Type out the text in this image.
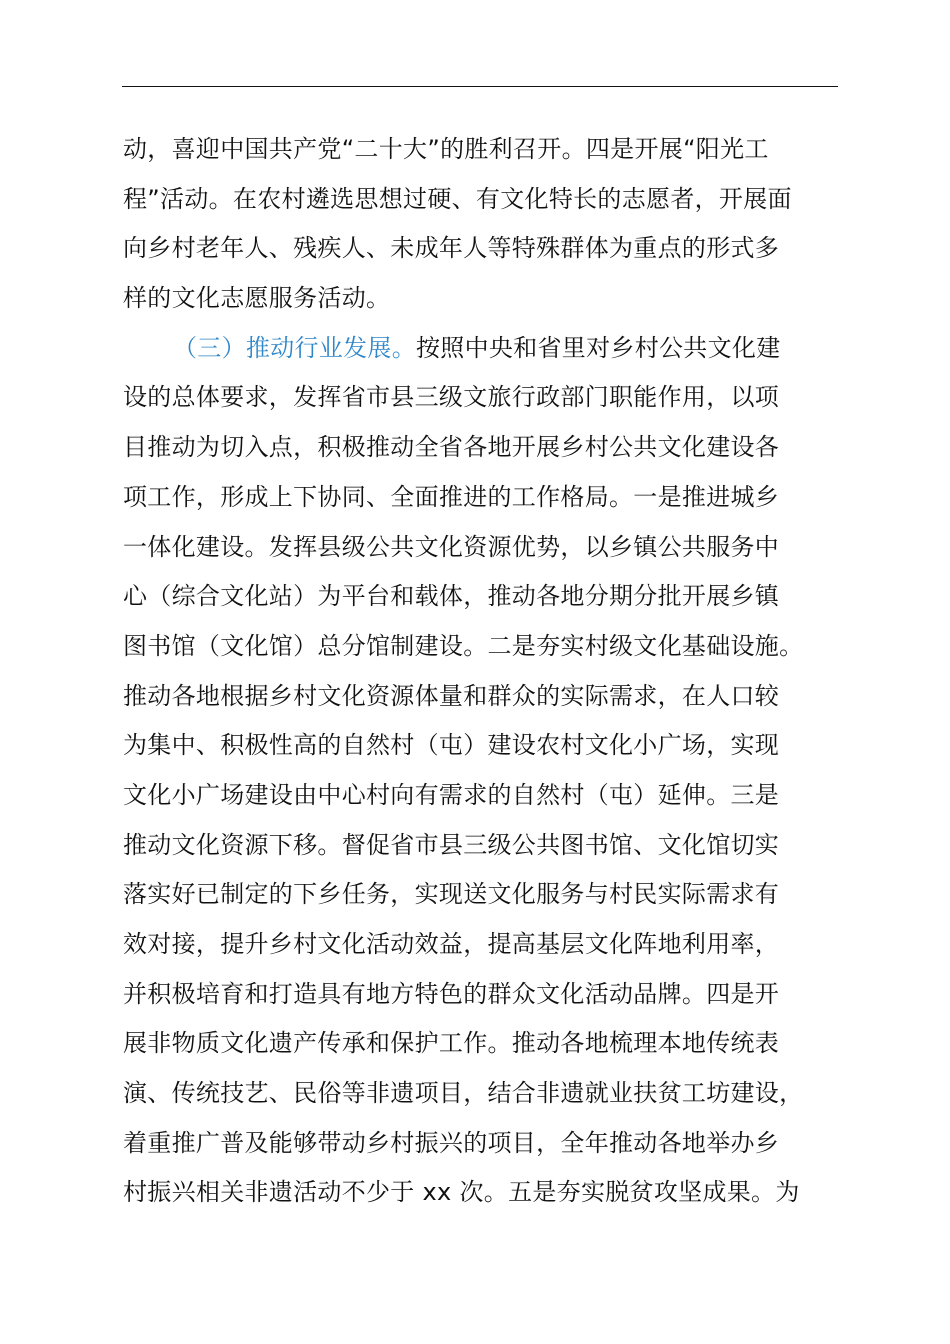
动，喜迎中国共产党“二十大”的胜利召开。四是开展“阳光工
程”活动。在农村遴选思想过硬、有文化特长的志愿者，开展面
向乡村老年人、残疾人、未成年人等特殊群体为重点的形式多
样的文化志愿服务活动。
（三）推动行业发展。按照中央和省里对乡村公共文化建
设的总体要求，发挥省市县三级文旅行政部门职能作用，以项
目推动为切入点，积极推动全省各地开展乡村公共文化建设各
项工作，形成上下协同、全面推进的工作格局。一是推进城乡
一体化建设。发挥县级公共文化资源优势，以乡镇公共服务中
心（综合文化站）为平台和载体，推动各地分期分批开展乡镇
图书馆（文化馆）总分馆制建设。二是夯实村级文化基础设施。
推动各地根据乡村文化资源体量和群众的实际需求，在人口较
为集中、积极性高的自然村（屯）建设农村文化小广场，实现
文化小广场建设由中心村向有需求的自然村（屯）延伸。三是
推动文化资源下移。督促省市县三级公共图书馆、文化馆切实
落实好已制定的下乡任务，实现送文化服务与村民实际需求有
效对接，提升乡村文化活动效益，提高基层文化阵地利用率，
并积极培育和打造具有地方特色的群众文化活动品牌。四是开
展非物质文化遗产传承和保护工作。推动各地梳理本地传统表
演、传统技艺、民俗等非遗项目，结合非遗就业扶贫工坊建设，
着重推广普及能够带动乡村振兴的项目，全年推动各地举办乡
村振兴相关非遗活动不少于 xx 次。五是夯实脱贫攻坚成果。为
